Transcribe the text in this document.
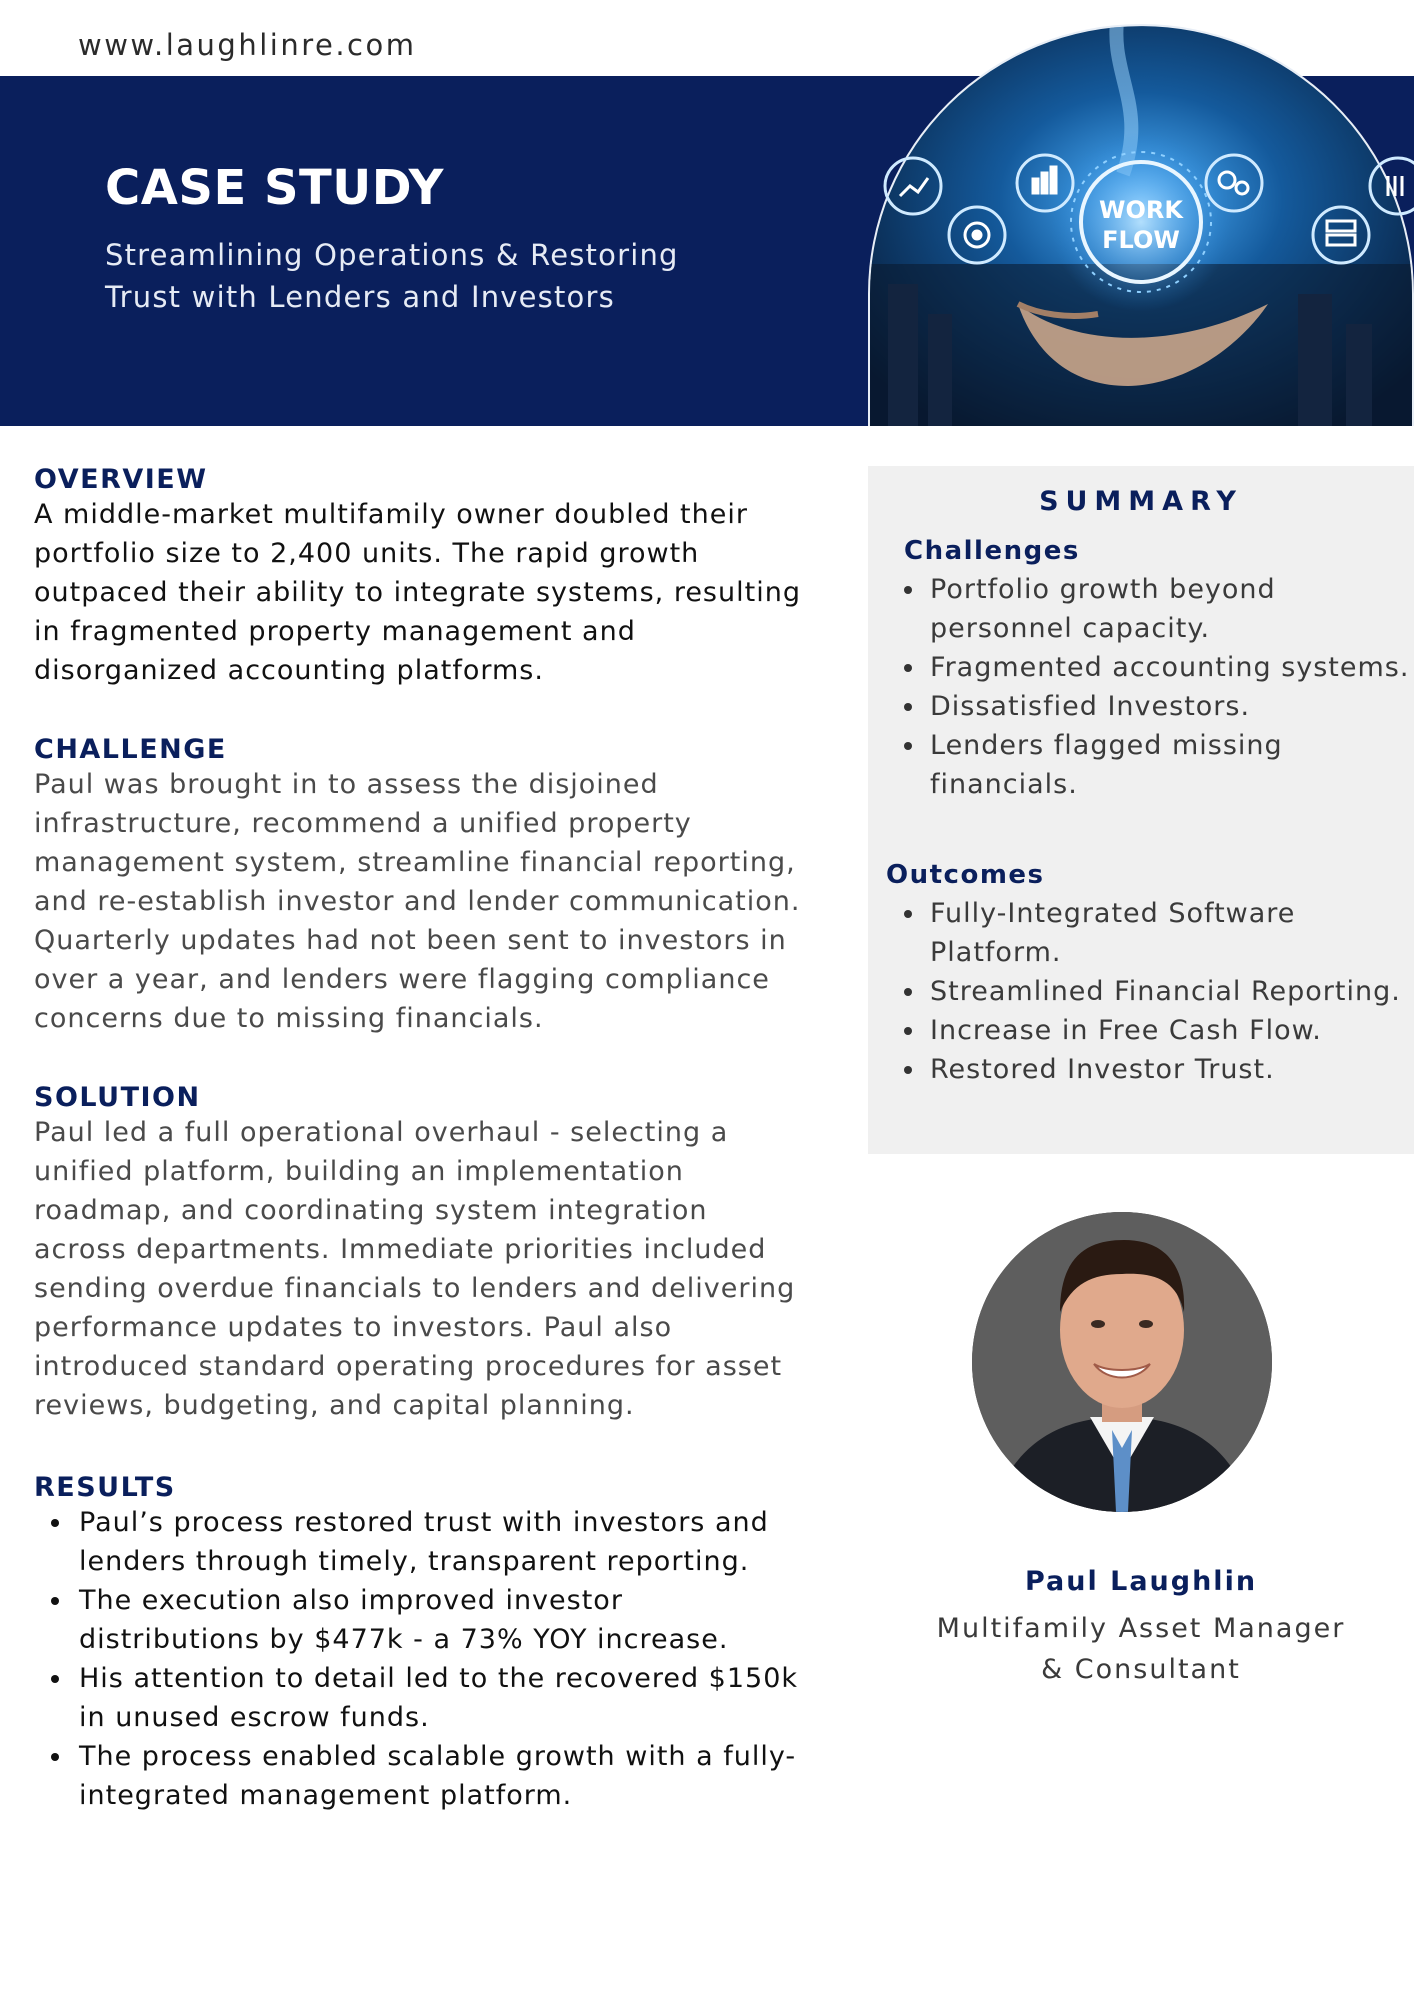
www.laughlinre.com
CASE STUDY
Streamlining Operations & Restoring
Trust with Lenders and Investors
WORK
FLOW
OVERVIEW

A middle-market multifamily owner doubled their portfolio size to 2,400 units. The rapid growth outpaced their ability to integrate systems, resulting in fragmented property management and disorganized accounting platforms.

CHALLENGE

Paul was brought in to assess the disjoined infrastructure, recommend a unified property management system, streamline financial reporting, and re-establish investor and lender communication. Quarterly updates had not been sent to investors in over a year, and lenders were flagging compliance concerns due to missing financials.

SOLUTION

Paul led a full operational overhaul - selecting a unified platform, building an implementation roadmap, and coordinating system integration across departments. Immediate priorities included sending overdue financials to lenders and delivering performance updates to investors. Paul also introduced standard operating procedures for asset reviews, budgeting, and capital planning.

RESULTS
Paul’s process restored trust with investors and lenders through timely, transparent reporting.
The execution also improved investor distributions by $477k - a 73% YOY increase.
His attention to detail led to the recovered $150k in unused escrow funds.
The process enabled scalable growth with a fully-integrated management platform.
SUMMARY
Challenges
Portfolio growth beyond personnel capacity.
Fragmented accounting systems.
Dissatisfied Investors.
Lenders flagged missing financials.
Outcomes
Fully-Integrated Software Platform.
Streamlined Financial Reporting.
Increase in Free Cash Flow.
Restored Investor Trust.
Paul Laughlin
Multifamily Asset Manager
& Consultant
